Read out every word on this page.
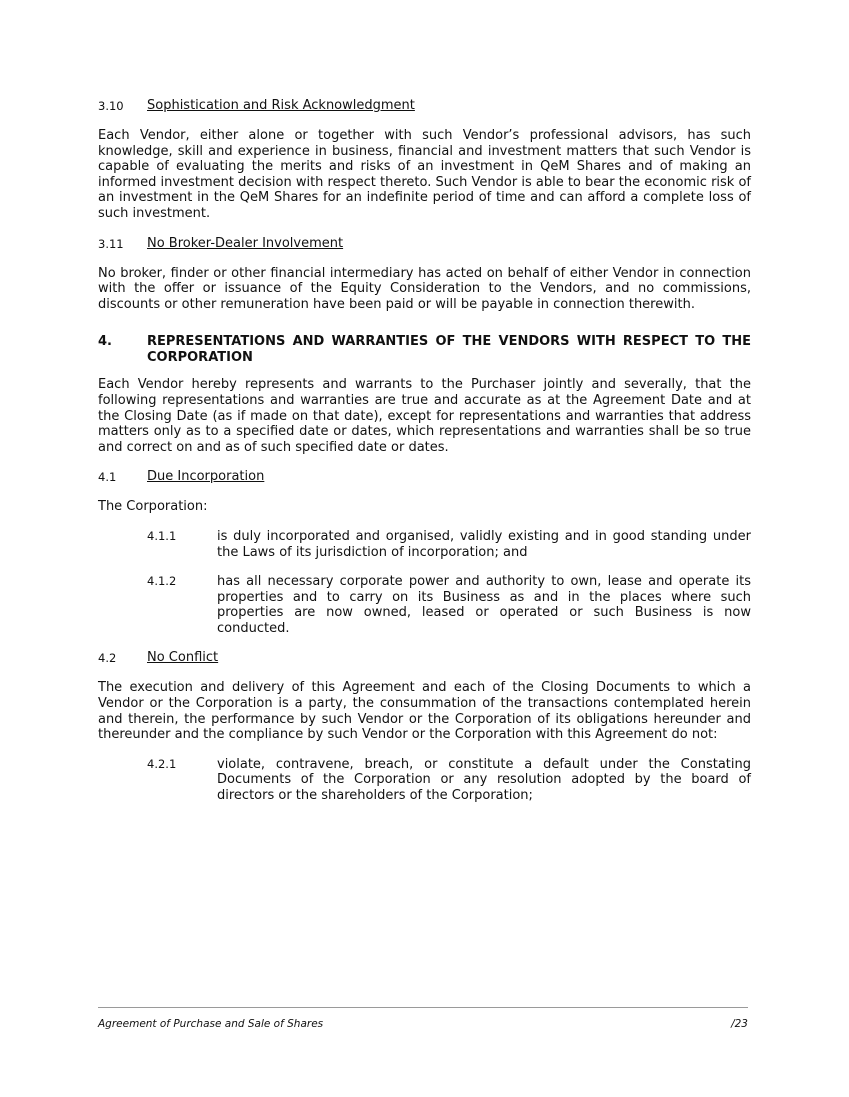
3.10	Sophistication and Risk Acknowledgment

Each Vendor, either alone or together with such Vendor’s professional advisors, has such knowledge, skill and experience in business, financial and investment matters that such Vendor is capable of evaluating the merits and risks of an investment in QeM Shares and of making an informed investment decision with respect thereto. Such Vendor is able to bear the economic risk of an investment in the QeM Shares for an indefinite period of time and can afford a complete loss of such investment.

3.11	No Broker-Dealer Involvement

No broker, finder or other financial intermediary has acted on behalf of either Vendor in connection with the offer or issuance of the Equity Consideration to the Vendors, and no commissions, discounts or other remuneration have been paid or will be payable in connection therewith.

4.	REPRESENTATIONS AND WARRANTIES OF THE VENDORS WITH RESPECT TO THE CORPORATION

Each Vendor hereby represents and warrants to the Purchaser jointly and severally, that the following representations and warranties are true and accurate as at the Agreement Date and at the Closing Date (as if made on that date), except for representations and warranties that address matters only as to a specified date or dates, which representations and warranties shall be so true and correct on and as of such specified date or dates.

4.1	Due Incorporation

The Corporation:

4.1.1	is duly incorporated and organised, validly existing and in good standing under the Laws of its jurisdiction of incorporation; and
4.1.2	has all necessary corporate power and authority to own, lease and operate its properties and to carry on its Business as and in the places where such properties are now owned, leased or operated or such Business is now conducted.
4.2	No Conflict

The execution and delivery of this Agreement and each of the Closing Documents to which a Vendor or the Corporation is a party, the consummation of the transactions contemplated herein and therein, the performance by such Vendor or the Corporation of its obligations hereunder and thereunder and the compliance by such Vendor or the Corporation with this Agreement do not:

4.2.1	violate, contravene, breach, or constitute a default under the Constating Documents of the Corporation or any resolution adopted by the board of directors or the shareholders of the Corporation;
Agreement of Purchase and Sale of Shares	/23
